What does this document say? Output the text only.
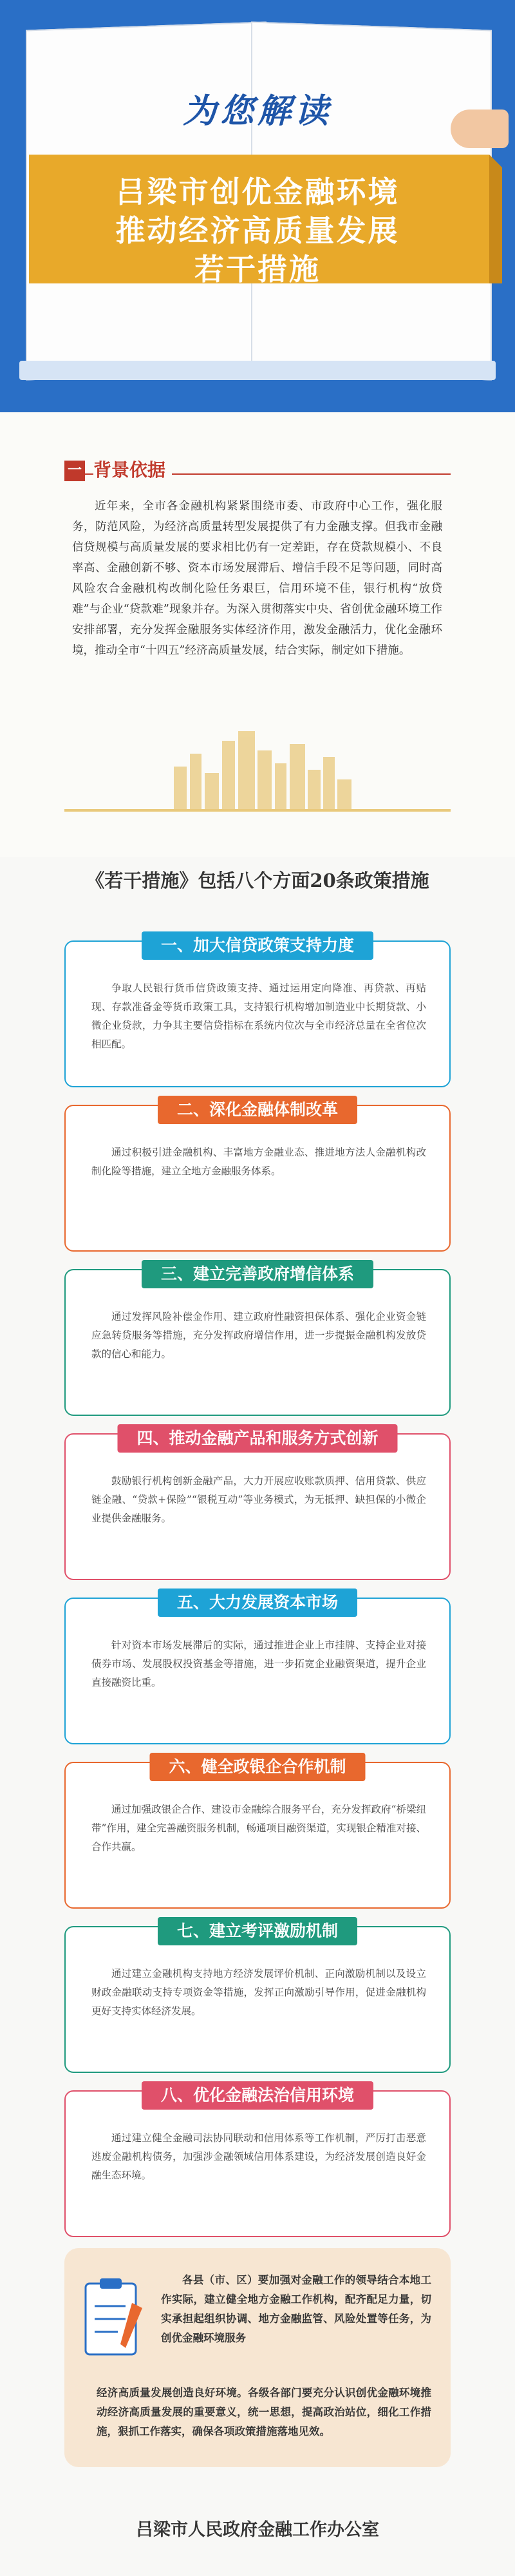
为您解读
吕梁市创优金融环境
推动经济高质量发展
若干措施
一 背景依据
近年来，全市各金融机构紧紧围绕市委、市政府中心工作，强化服务，防范风险，为经济高质量转型发展提供了有力金融支撑。但我市金融信贷规模与高质量发展的要求相比仍有一定差距，存在贷款规模小、不良率高、金融创新不够、资本市场发展滞后、增信手段不足等问题，同时高风险农合金融机构改制化险任务艰巨，信用环境不佳，银行机构“放贷难”与企业“贷款难”现象并存。为深入贯彻落实中央、省创优金融环境工作安排部署，充分发挥金融服务实体经济作用，激发金融活力，优化金融环境，推动全市“十四五”经济高质量发展，结合实际，制定如下措施。
《若干措施》包括八个方面20条政策措施
一、加大信贷政策支持力度
争取人民银行货币信贷政策支持、通过运用定向降准、再贷款、再贴现、存款准备金等货币政策工具，支持银行机构增加制造业中长期贷款、小微企业贷款，力争其主要信贷指标在系统内位次与全市经济总量在全省位次相匹配。
二、深化金融体制改革
通过积极引进金融机构、丰富地方金融业态、推进地方法人金融机构改制化险等措施，建立全地方金融服务体系。
三、建立完善政府增信体系
通过发挥风险补偿金作用、建立政府性融资担保体系、强化企业资金链应急转贷服务等措施，充分发挥政府增信作用，进一步提振金融机构发放贷款的信心和能力。
四、推动金融产品和服务方式创新
鼓励银行机构创新金融产品，大力开展应收账款质押、信用贷款、供应链金融、“贷款+保险”“银税互动”等业务模式，为无抵押、缺担保的小微企业提供金融服务。
五、大力发展资本市场
针对资本市场发展滞后的实际，通过推进企业上市挂牌、支持企业对接债券市场、发展股权投资基金等措施，进一步拓宽企业融资渠道，提升企业直接融资比重。
六、健全政银企合作机制
通过加强政银企合作、建设市金融综合服务平台，充分发挥政府“桥梁纽带”作用，建全完善融资服务机制，畅通项目融资渠道，实现银企精准对接、合作共赢。
七、建立考评激励机制
通过建立金融机构支持地方经济发展评价机制、正向激励机制以及设立财政金融联动支持专项资金等措施，发挥正向激励引导作用，促进金融机构更好支持实体经济发展。
八、优化金融法治信用环境
通过建立健全金融司法协同联动和信用体系等工作机制，严厉打击恶意逃废金融机构债务，加强涉金融领域信用体系建设，为经济发展创造良好金融生态环境。
各县（市、区）要加强对金融工作的领导结合本地工作实际，建立健全地方金融工作机构，配齐配足力量，切实承担起组织协调、地方金融监管、风险处置等任务，为创优金融环境服务
经济高质量发展创造良好环境。各级各部门要充分认识创优金融环境推动经济高质量发展的重要意义，统一思想，提高政治站位，细化工作措施，狠抓工作落实，确保各项政策措施落地见效。
吕梁市人民政府金融工作办公室
